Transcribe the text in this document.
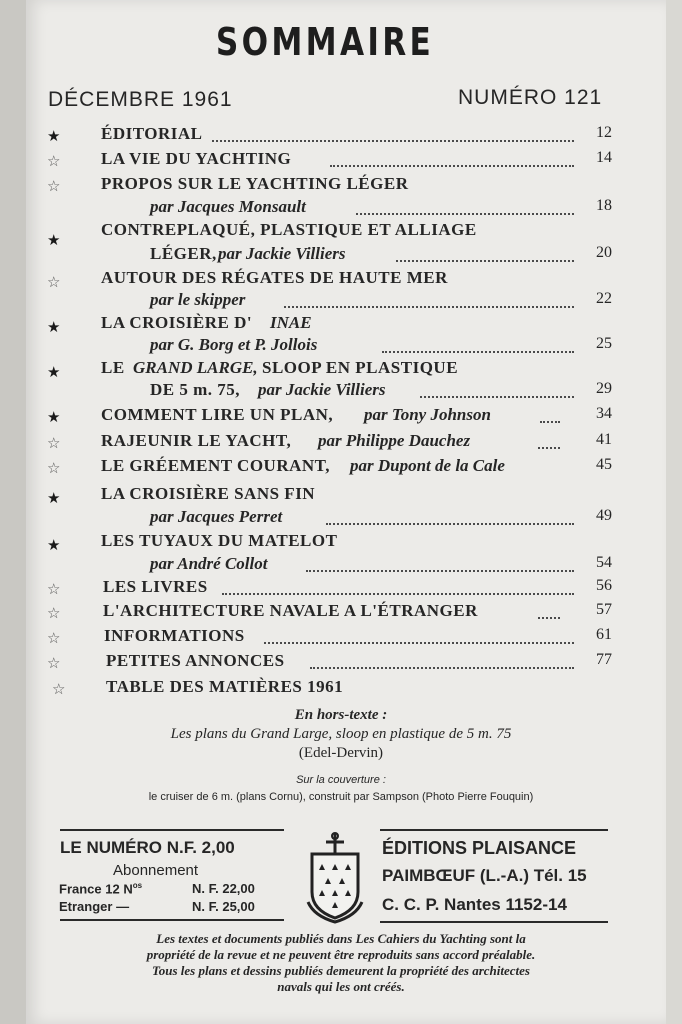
SOMMAIRE
DÉCEMBRE 1961	NUMÉRO 121
★ ÉDITORIAL	12
☆ LA VIE DU YACHTING	14
☆ PROPOS SUR LE YACHTING LÉGER
par Jacques Monsault	18
★
CONTREPLAQUÉ, PLASTIQUE ET ALLIAGE
LÉGER, par Jackie Villiers	20
☆ AUTOUR DES RÉGATES DE HAUTE MER
par le skipper	22
★ LA CROISIÈRE D' INAE
par G. Borg et P. Jollois	25
★ LE GRAND LARGE, SLOOP EN PLASTIQUE
DE 5 m. 75, par Jackie Villiers	29
★ COMMENT LIRE UN PLAN, par Tony Johnson	34
☆ RAJEUNIR LE YACHT, par Philippe Dauchez	41
☆ LE GRÉEMENT COURANT, par Dupont de la Cale	45
★ LA CROISIÈRE SANS FIN
par Jacques Perret	49
★ LES TUYAUX DU MATELOT
par André Collot	54
☆	LES LIVRES	56
☆	L'ARCHITECTURE NAVALE A L'ÉTRANGER	57
☆	INFORMATIONS	61
☆	PETITES ANNONCES	77
☆ TABLE DES MATIÈRES 1961
En hors-texte :
Les plans du Grand Large, sloop en plastique de 5 m. 75
(Edel-Dervin)
Sur la couverture :
le cruiser de 6 m. (plans Cornu), construit par Sampson (Photo Pierre Fouquin)
LE NUMÉRO N.F. 2,00
Abonnement
France 12 $N^{os}$	N. F. 22,00
Etranger —	N. F. 25,00
ÉDITIONS PLAISANCE
PAIMBŒUF (L.-A.) Tél. 15
C. C. P. Nantes 1152-14
Les textes et documents publiés dans Les Cahiers du Yachting sont la
propriété de la revue et ne peuvent être reproduits sans accord préalable.
Tous les plans et dessins publiés demeurent la propriété des architectes
navals qui les ont créés.
